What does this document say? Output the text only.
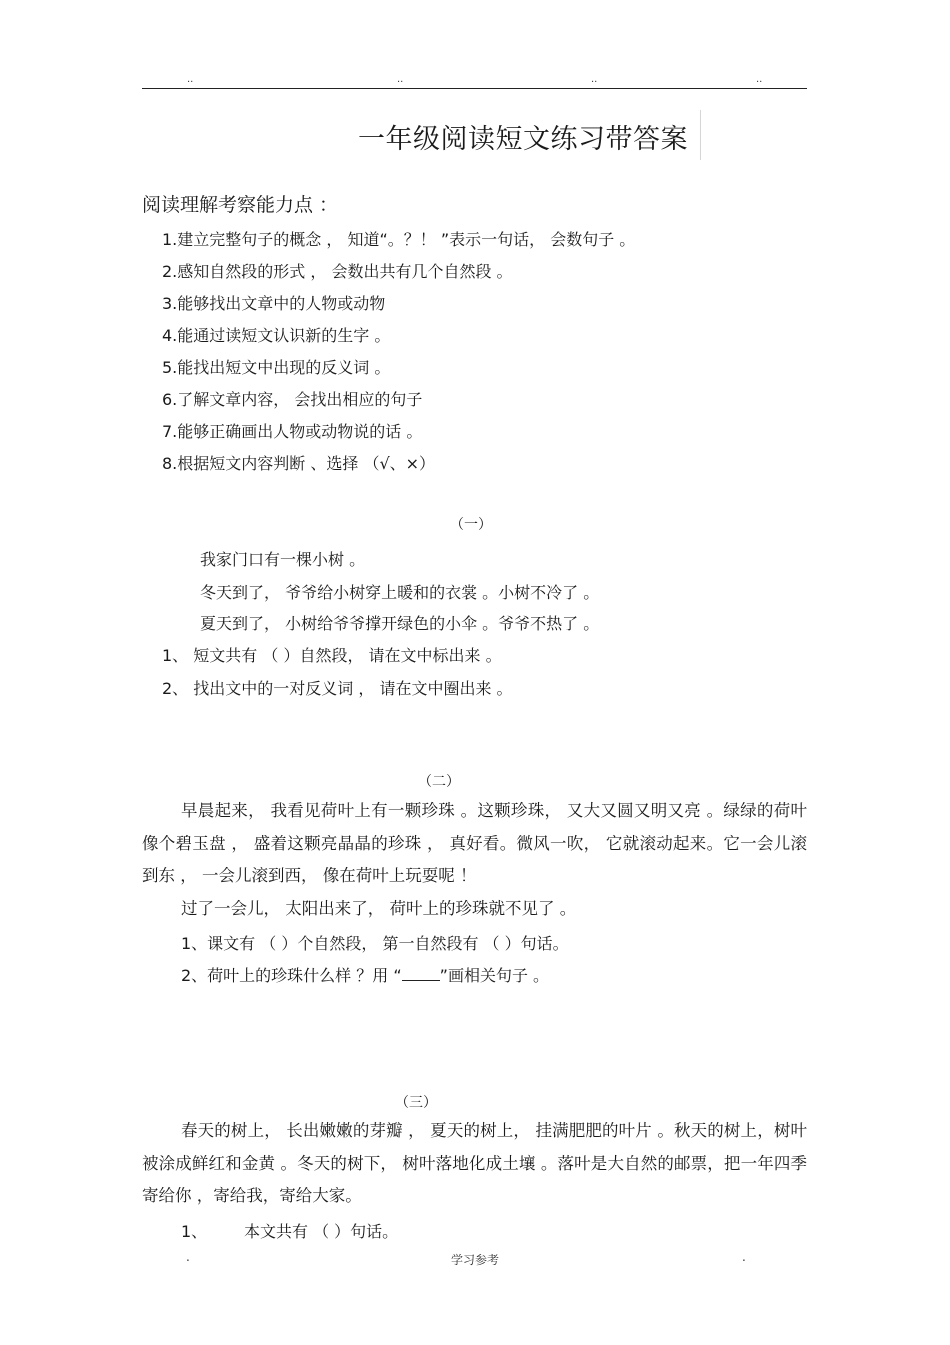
..	..	..	..
一年级阅读短文练习带答案
阅读理解考察能力点 ：
1.建立完整句子的概念 ， 知道“。？！ ”表示一句话， 会数句子 。
2.感知自然段的形式 ， 会数出共有几个自然段 。
3.能够找出文章中的人物或动物
4.能通过读短文认识新的生字 。
5.能找出短文中出现的反义词 。
6.了解文章内容， 会找出相应的句子
7.能够正确画出人物或动物说的话 。
8.根据短文内容判断 、选择 （√、×）
（一）
我家门口有一棵小树 。
冬天到了， 爷爷给小树穿上暖和的衣裳 。小树不冷了 。
夏天到了， 小树给爷爷撑开绿色的小伞 。爷爷不热了 。
1、 短文共有 （ ）自然段， 请在文中标出来 。
2、 找出文中的一对反义词 ， 请在文中圈出来 。
（二）
早晨起来， 我看见荷叶上有一颗珍珠 。这颗珍珠， 又大又圆又明又亮 。绿绿的荷叶像个碧玉盘 ， 盛着这颗亮晶晶的珍珠 ， 真好看。微风一吹， 它就滚动起来。它一会儿滚到东 ， 一会儿滚到西， 像在荷叶上玩耍呢 ！
过了一会儿， 太阳出来了， 荷叶上的珍珠就不见了 。
1、课文有 （ ）个自然段， 第一自然段有 （ ）句话。
2、荷叶上的珍珠什么样 ？用 “ ”画相关句子 。
（三）
春天的树上， 长出嫩嫩的芽瓣 ， 夏天的树上， 挂满肥肥的叶片 。秋天的树上，树叶被涂成鲜红和金黄 。冬天的树下， 树叶落地化成土壤 。落叶是大自然的邮票，把一年四季寄给你 ，寄给我，寄给大家。
1、 本文共有 （ ）句话。
.	学习参考	.
